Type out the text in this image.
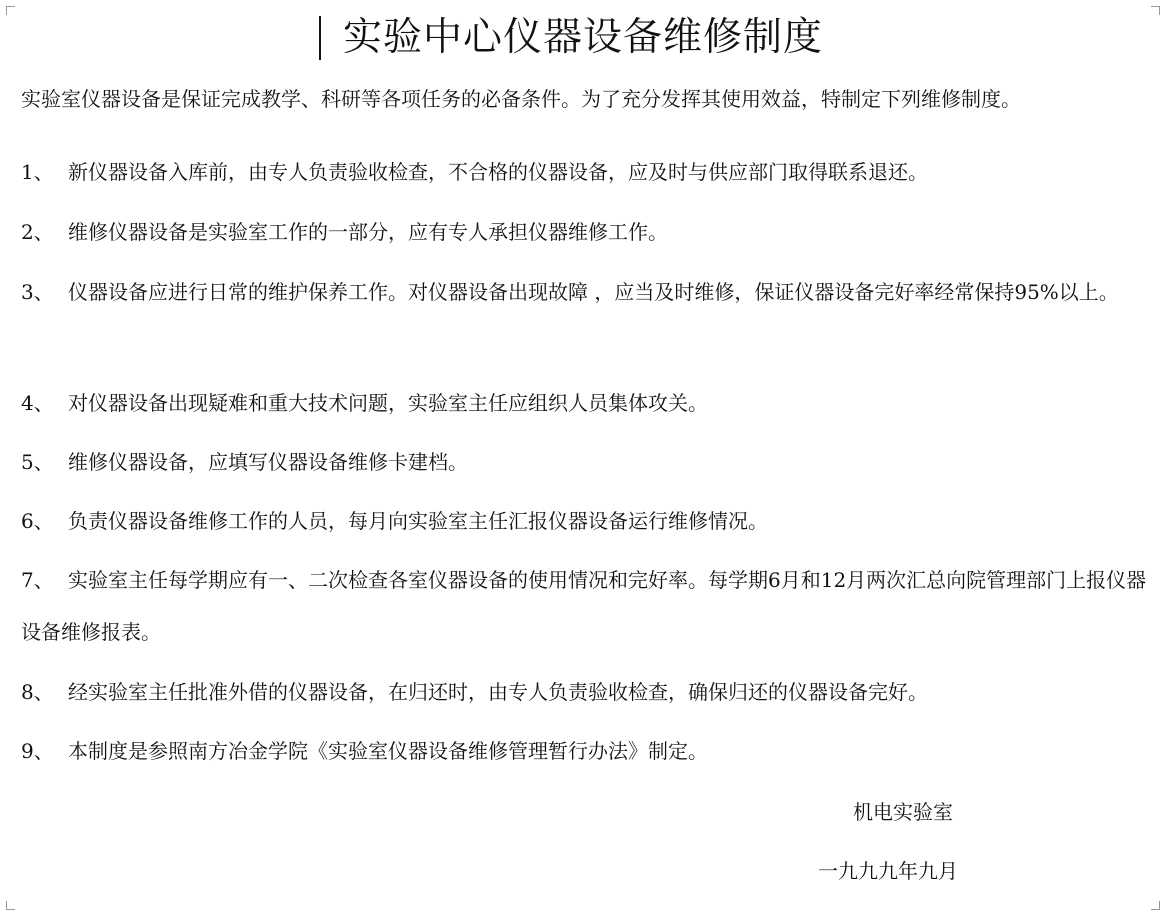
实验中心仪器设备维修制度

实验室仪器设备是保证完成教学、科研等各项任务的必备条件。为了充分发挥其使用效益，特制定下列维修制度。

1、 新仪器设备入库前，由专人负责验收检查，不合格的仪器设备，应及时与供应部门取得联系退还。

2、 维修仪器设备是实验室工作的一部分，应有专人承担仪器维修工作。

3、 仪器设备应进行日常的维护保养工作。对仪器设备出现故障 ，应当及时维修，保证仪器设备完好率经常保持95%以上。

4、 对仪器设备出现疑难和重大技术问题，实验室主任应组织人员集体攻关。

5、 维修仪器设备，应填写仪器设备维修卡建档。

6、 负责仪器设备维修工作的人员，每月向实验室主任汇报仪器设备运行维修情况。

7、 实验室主任每学期应有一、二次检查各室仪器设备的使用情况和完好率。每学期6月和12月两次汇总向院管理部门上报仪器设备维修报表。

8、 经实验室主任批准外借的仪器设备，在归还时，由专人负责验收检查，确保归还的仪器设备完好。

9、 本制度是参照南方冶金学院《实验室仪器设备维修管理暂行办法》制定。

机电实验室

一九九九年九月
